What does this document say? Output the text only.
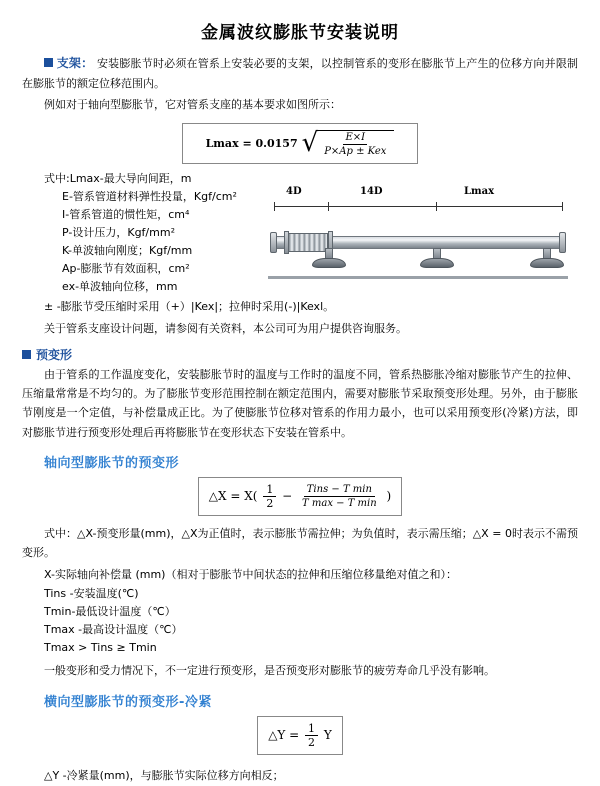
金属波纹膨胀节安装说明

支架： 安装膨胀节时必须在管系上安装必要的支架，以控制管系的变形在膨胀节上产生的位移方向并限制在膨胀节的额定位移范围内。

例如对于轴向型膨胀节，它对管系支座的基本要求如图所示：

Lmax = 0.0157 √ $\frac{E\times I}{\text{P×Ap ± Kex}}$
式中:Lmax-最大导向间距，m
E-管系管道材料弹性投量，Kgf/cm²
I-管系管道的惯性矩，cm⁴
P-设计压力，Kgf/mm²
K-单波轴向刚度；Kgf/mm
Ap-膨胀节有效面积，cm²
ex-单波轴向位移，mm
4D	14D	Lmax
± -膨胀节受压缩时采用（+）|Kex|；拉伸时采用(-)|Kexl。

关于管系支座设计问题，请参阅有关资料，本公司可为用户提供咨询服务。

预变形

由于管系的工作温度变化，安装膨胀节时的温度与工作时的温度不同，管系热膨胀冷缩对膨胀节产生的拉伸、压缩量常常是不均匀的。为了膨胀节变形范围控制在额定范围内，需要对膨胀节采取预变形处理。另外，由于膨胀节刚度是一个定值，与补偿量成正比。为了使膨胀节位移对管系的作用力最小，也可以采用预变形(冷紧)方法，即对膨胀节进行预变形处理后再将膨胀节在变形状态下安装在管系中。

轴向型膨胀节的预变形
△X = $X( \frac{1}{2} - \frac{\text{Tins − T min}}{\text{T max − T min}}$ )

式中：△X-预变形量(mm)，△X为正值时，表示膨胀节需拉伸；为负值时，表示需压缩；△X = 0时表示不需预变形。

X-实际轴向补偿量 (mm)（相对于膨胀节中间状态的拉伸和压缩位移量绝对值之和）：
Tins -安装温度(℃)
Tmin-最低设计温度（℃）
Tmax -最高设计温度（℃）
Tmax > Tins ≥ Tmin

一般变形和受力情况下，不一定进行预变形，是否预变形对膨胀节的疲劳寿命几乎没有影响。

横向型膨胀节的预变形-冷紧
△Y = $\frac{1}{2}$ Y

△Y -冷紧量(mm)，与膨胀节实际位移方向相反；
